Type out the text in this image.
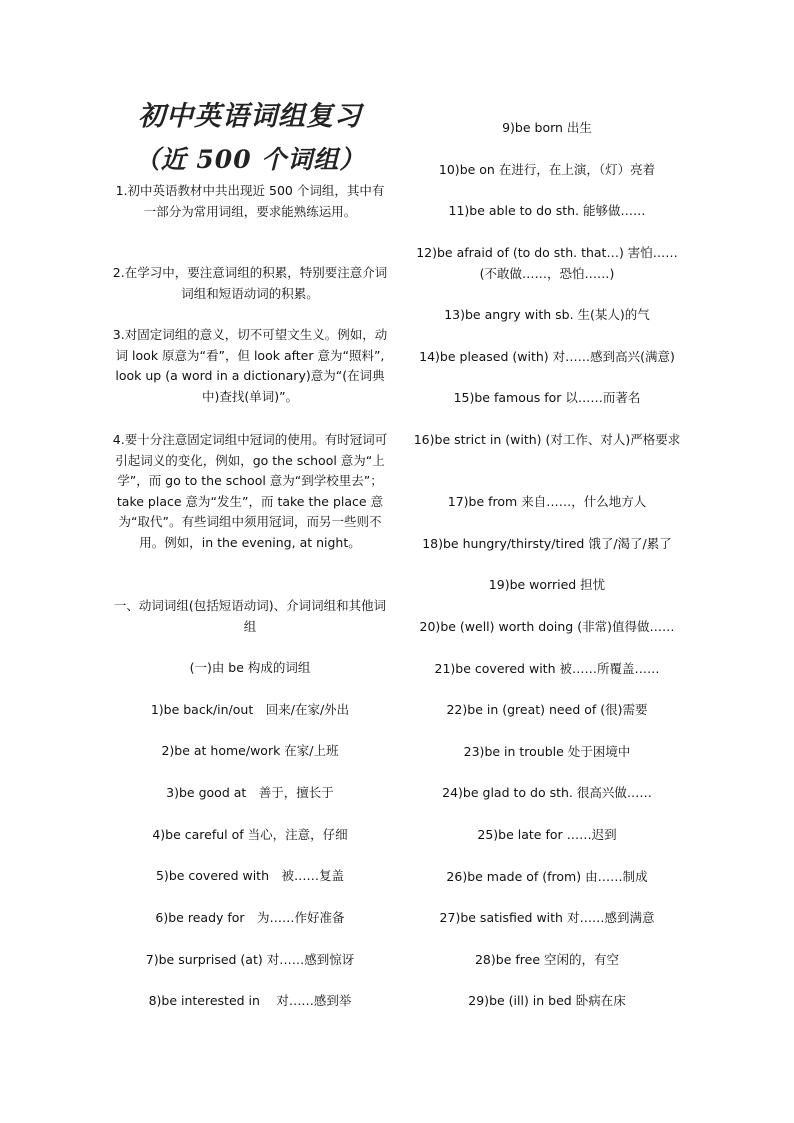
初中英语词组复习
（近 500 个词组）

1.初中英语教材中共出现近 500 个词组，其中有
一部分为常用词组，要求能熟练运用。

2.在学习中，要注意词组的积累，特别要注意介词词组和短语动词的积累。

3.对固定词组的意义，切不可望文生义。例如，动词 look 原意为“看”，但 look after 意为“照料”, look up (a word in a dictionary)意为“(在词典中)查找(单词)”。

4.要十分注意固定词组中冠词的使用。有时冠词可引起词义的变化，例如，go the school 意为“上学”，而 go to the school 意为“到学校里去”；take place 意为“发生”，而 take the place 意为“取代”。有些词组中须用冠词，而另一些则不用。例如，in the evening, at night。

一、动词词组(包括短语动词)、介词词组和其他词组

(一)由 be 构成的词组

1)be back/in/out　回来/在家/外出

2)be at home/work 在家/上班

3)be good at　善于，擅长于

4)be careful of 当心，注意，仔细

5)be covered with　被……复盖

6)be ready for　为……作好准备

7)be surprised (at) 对……感到惊讶

8)be interested in　 对……感到举

9)be born 出生

10)be on 在进行，在上演，（灯）亮着

11)be able to do sth. 能够做……

12)be afraid of (to do sth. that…) 害怕……(不敢做……，恐怕……)

13)be angry with sb. 生(某人)的气

14)be pleased (with) 对……感到高兴(满意)

15)be famous for 以……而著名

16)be strict in (with) (对工作、对人)严格要求

17)be from 来自……，什么地方人

18)be hungry/thirsty/tired 饿了/渴了/累了

19)be worried 担忧

20)be (well) worth doing (非常)值得做……

21)be covered with 被……所覆盖……

22)be in (great) need of (很)需要

23)be in trouble 处于困境中

24)be glad to do sth. 很高兴做……

25)be late for ……迟到

26)be made of (from) 由……制成

27)be satisfied with 对……感到满意

28)be free 空闲的，有空

29)be (ill) in bed 卧病在床
